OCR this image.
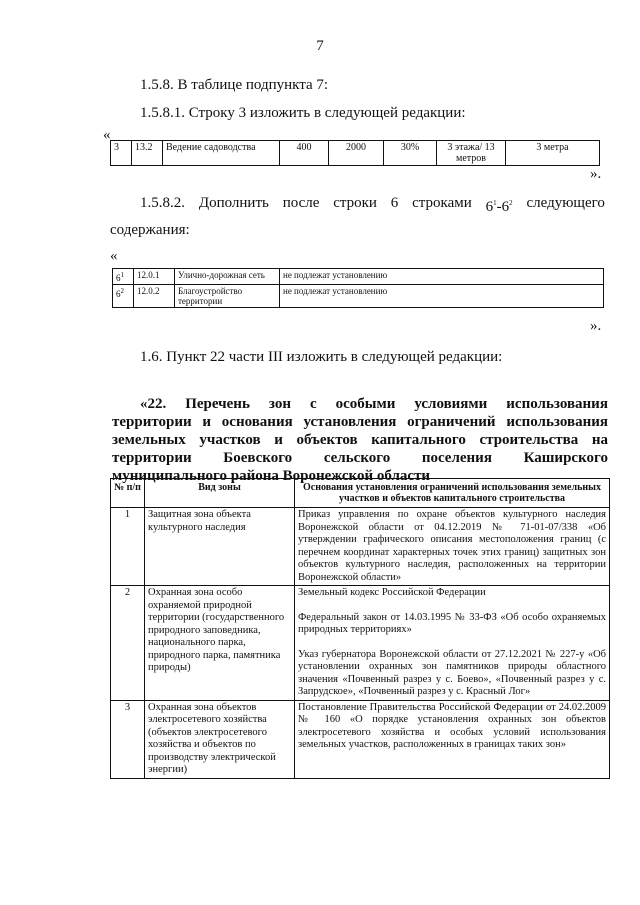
7
1.5.8. В таблице подпункта 7:
1.5.8.1. Строку 3 изложить в следующей редакции:
«
3	13.2	Ведение садоводства	400	2000	30%	3 этажа/ 13 метров	3 метра
».
1.5.8.2. Дополнить после строки 6 строками $6^1-6^2$ следующего
содержания:
«
$6^1$	12.0.1	Улично-дорожная сеть	не подлежат установлению
$6^2$	12.0.2	Благоустройство территории	не подлежат установлению
».
1.6. Пункт 22 части III изложить в следующей редакции:
«22. Перечень зон с особыми условиями использования
территории и основания установления ограничений использования
земельных участков и объектов капитального строительства на
территории Боевского сельского поселения Каширского
муниципального района Воронежской области
№ п/п	Вид зоны	Основания установления ограничений использования земельных участков и объектов капитального строительства
1	Защитная зона объекта культурного наследия	Приказ управления по охране объектов культурного наследия Воронежской области от 04.12.2019 № 71-01-07/338 «Об утверждении графического описания местоположения границ (с перечнем координат характерных точек этих границ) защитных зон объектов культурного наследия, расположенных на территории Воронежской области»

2	Охранная зона особо охраняемой природной территории (государственного природного заповедника, национального парка, природного парка, памятника природы)	Земельный кодекс Российской Федерации
Федеральный закон от 14.03.1995 № 33-ФЗ «Об особо охраняемых природных территориях»
Указ губернатора Воронежской области от 27.12.2021 № 227-у «Об установлении охранных зон памятников природы областного значения «Почвенный разрез у с. Боево», «Почвенный разрез у с. Запрудское», «Почвенный разрез у с. Красный Лог»

3	Охранная зона объектов электросетевого хозяйства (объектов электросетевого хозяйства и объектов по производству электрической энергии)	Постановление Правительства Российской Федерации от 24.02.2009 № 160 «О порядке установления охранных зон объектов электросетевого хозяйства и особых условий использования земельных участков, расположенных в границах таких зон»
